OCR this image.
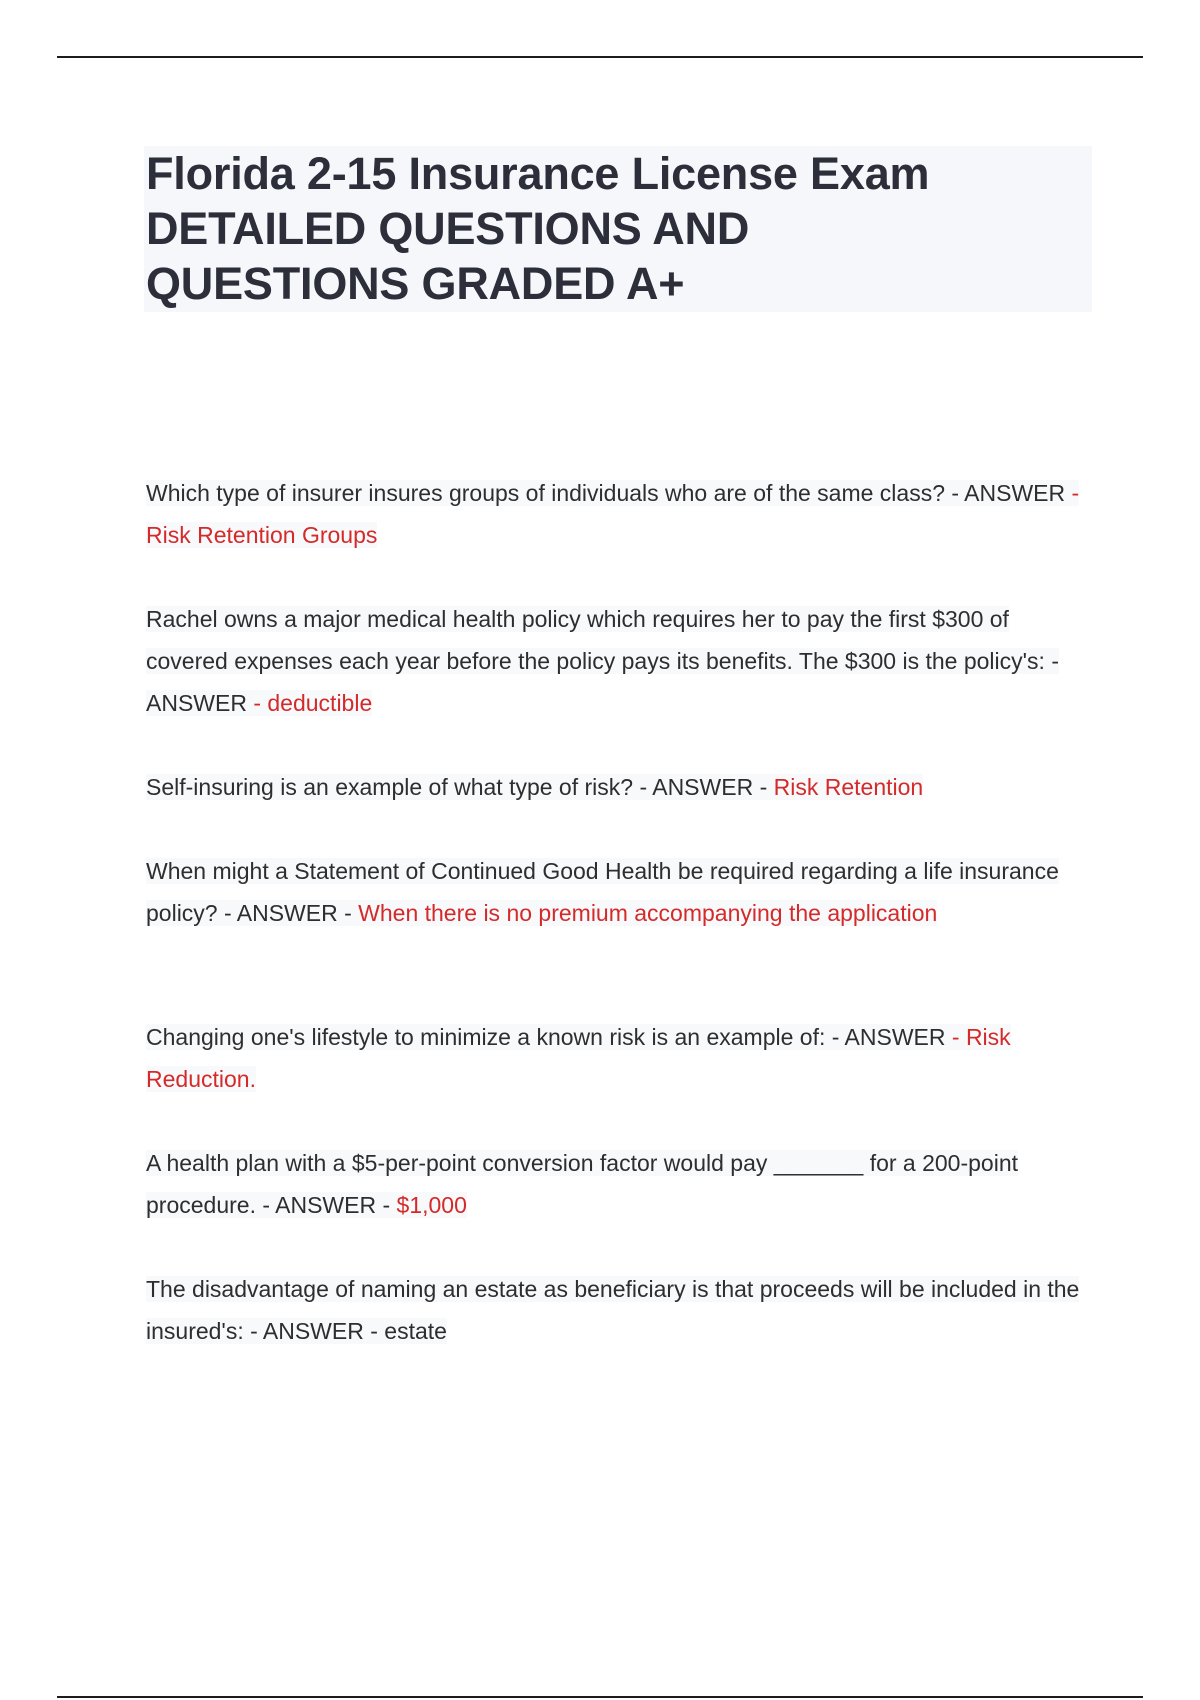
Florida 2-15 Insurance License Exam
DETAILED QUESTIONS AND
QUESTIONS GRADED A+
Which type of insurer insures groups of individuals who are of the same class? - ANSWER - Risk Retention Groups
Rachel owns a major medical health policy which requires her to pay the first $300 of covered expenses each year before the policy pays its benefits. The $300 is the policy's: - ANSWER - deductible
Self-insuring is an example of what type of risk? - ANSWER - Risk Retention
When might a Statement of Continued Good Health be required regarding a life insurance policy? - ANSWER - When there is no premium accompanying the application
Changing one's lifestyle to minimize a known risk is an example of: - ANSWER - Risk Reduction.
A health plan with a $5-per-point conversion factor would pay _______ for a 200-point procedure. - ANSWER - $1,000
The disadvantage of naming an estate as beneficiary is that proceeds will be included in the insured's: - ANSWER - estate
